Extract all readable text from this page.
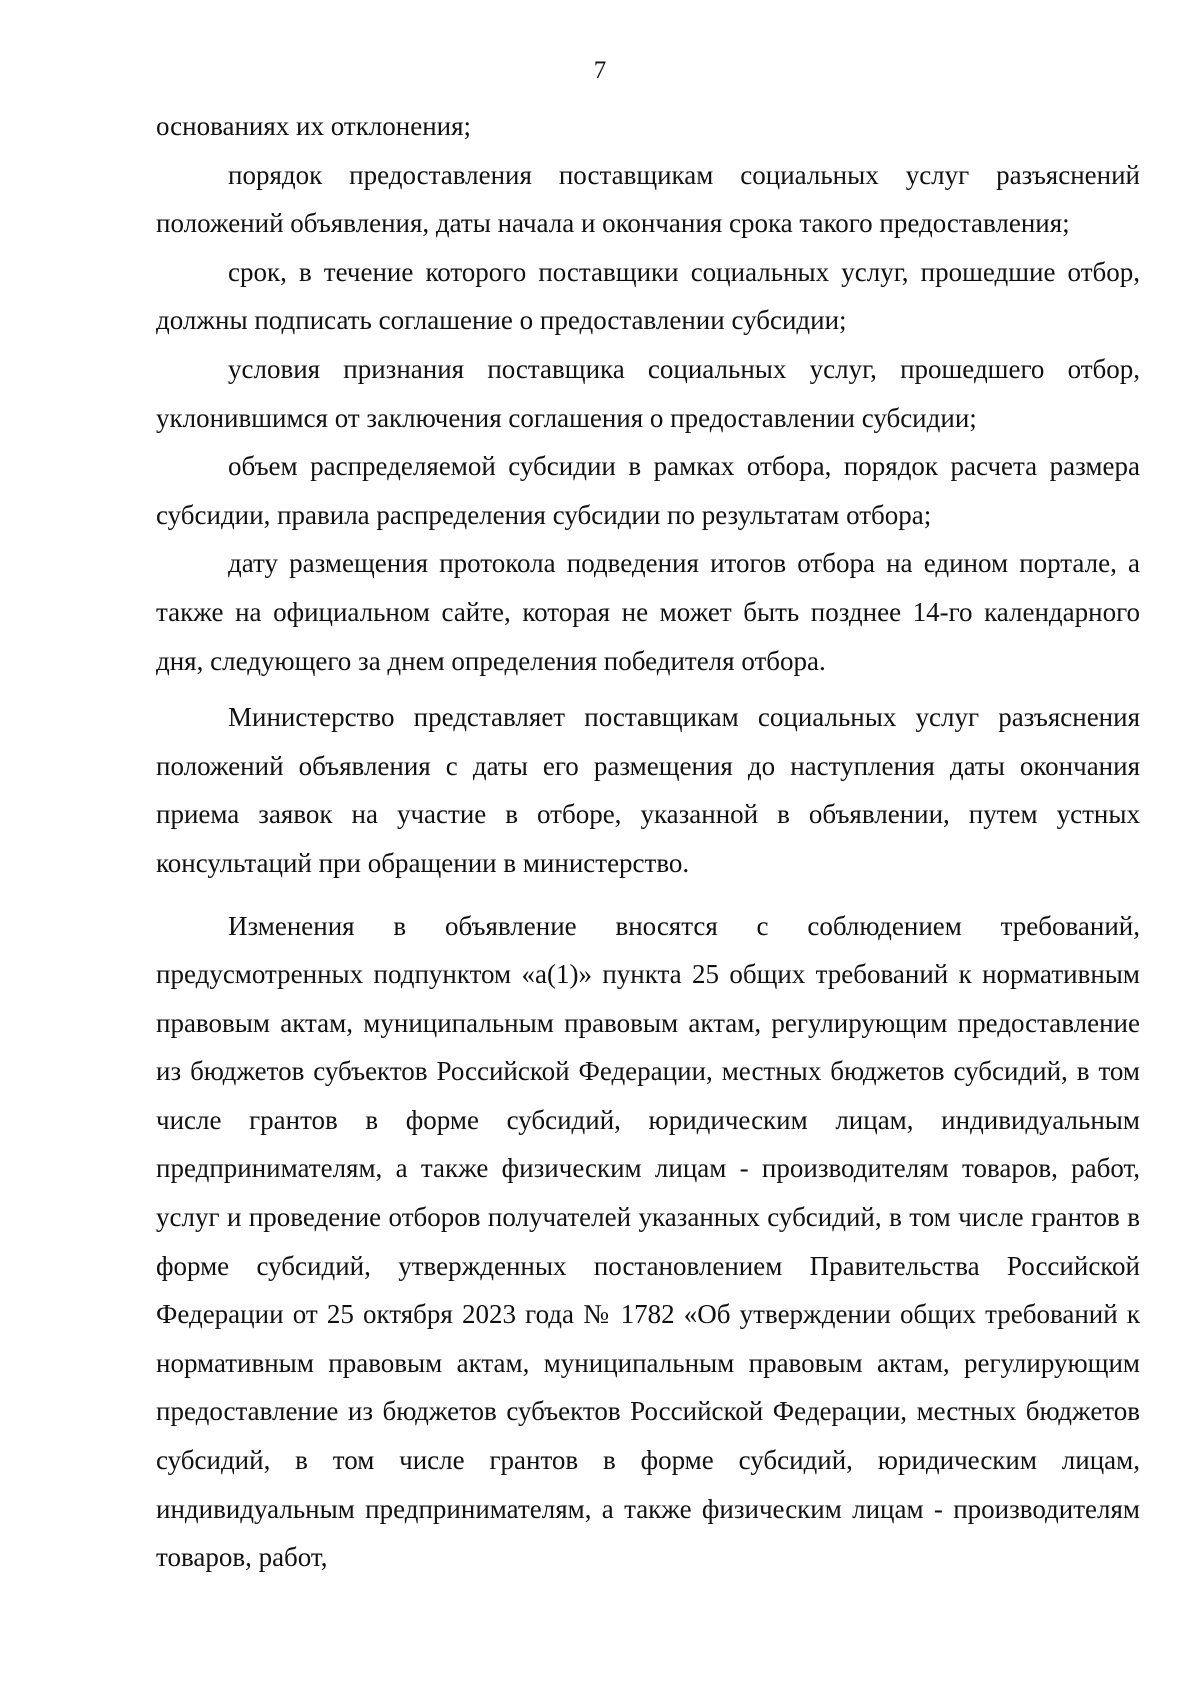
7

основаниях их отклонения;

порядок предоставления поставщикам социальных услуг разъяснений положений объявления, даты начала и окончания срока такого предоставления;

срок, в течение которого поставщики социальных услуг, прошедшие отбор, должны подписать соглашение о предоставлении субсидии;

условия признания поставщика социальных услуг, прошедшего отбор, уклонившимся от заключения соглашения о предоставлении субсидии;

объем распределяемой субсидии в рамках отбора, порядок расчета размера субсидии, правила распределения субсидии по результатам отбора;

дату размещения протокола подведения итогов отбора на едином портале, а также на официальном сайте, которая не может быть позднее 14-го календарного дня, следующего за днем определения победителя отбора.

Министерство представляет поставщикам социальных услуг разъяснения положений объявления с даты его размещения до наступления даты окончания приема заявок на участие в отборе, указанной в объявлении, путем устных консультаций при обращении в министерство.

Изменения в объявление вносятся с соблюдением требований, предусмотренных подпунктом «а(1)» пункта 25 общих требований к нормативным правовым актам, муниципальным правовым актам, регулирующим предоставление из бюджетов субъектов Российской Федерации, местных бюджетов субсидий, в том числе грантов в форме субсидий, юридическим лицам, индивидуальным предпринимателям, а также физическим лицам - производителям товаров, работ, услуг и проведение отборов получателей указанных субсидий, в том числе грантов в форме субсидий, утвержденных постановлением Правительства Российской Федерации от 25 октября 2023 года № 1782 «Об утверждении общих требований к нормативным правовым актам, муниципальным правовым актам, регулирующим предоставление из бюджетов субъектов Российской Федерации, местных бюджетов субсидий, в том числе грантов в форме субсидий, юридическим лицам, индивидуальным предпринимателям, а также физическим лицам - производителям товаров, работ,
